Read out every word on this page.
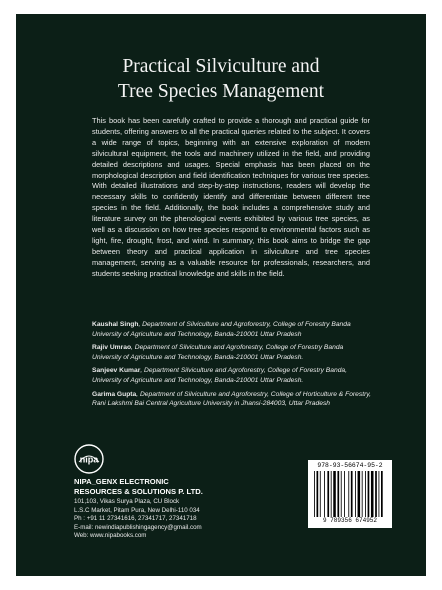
Practical Silviculture and
Tree Species Management
This book has been carefully crafted to provide a thorough and practical guide for students, offering answers to all the practical queries related to the subject. It covers a wide range of topics, beginning with an extensive exploration of modern silvicultural equipment, the tools and machinery utilized in the field, and providing detailed descriptions and usages. Special emphasis has been placed on the morphological description and field identification techniques for various tree species. With detailed illustrations and step-by-step instructions, readers will develop the necessary skills to confidently identify and differentiate between different tree species in the field. Additionally, the book includes a comprehensive study and literature survey on the phenological events exhibited by various tree species, as well as a discussion on how tree species respond to environmental factors such as light, fire, drought, frost, and wind. In summary, this book aims to bridge the gap between theory and practical application in silviculture and tree species management, serving as a valuable resource for professionals, researchers, and students seeking practical knowledge and skills in the field.
Kaushal Singh, Department of Silviculture and Agroforestry, College of Forestry Banda University of Agriculture and Technology, Banda-210001 Uttar Pradesh
Rajiv Umrao, Department of Silviculture and Agroforestry, College of Forestry Banda University of Agriculture and Technology, Banda-210001 Uttar Pradesh.
Sanjeev Kumar, Department Silviculture and Agroforestry, College of Forestry Banda, University of Agriculture and Technology, Banda-210001 Uttar Pradesh.
Garima Gupta, Department of Silviculture and Agroforestry, College of Horticulture & Forestry, Rani Lakshmi Bai Central Agriculture University in Jhansi-284003, Uttar Pradesh
nipa
NIPA_GENX ELECTRONIC
RESOURCES & SOLUTIONS P. LTD.
101,103, Vikas Surya Plaza, CU Block
L.S.C Market, Pitam Pura, New Delhi-110 034
Ph : +91 11 27341616, 27341717, 27341718
E-mail: newindiapublishingagency@gmail.com
Web: www.nipabooks.com
978-93-56674-95-2
9 789356 674952
